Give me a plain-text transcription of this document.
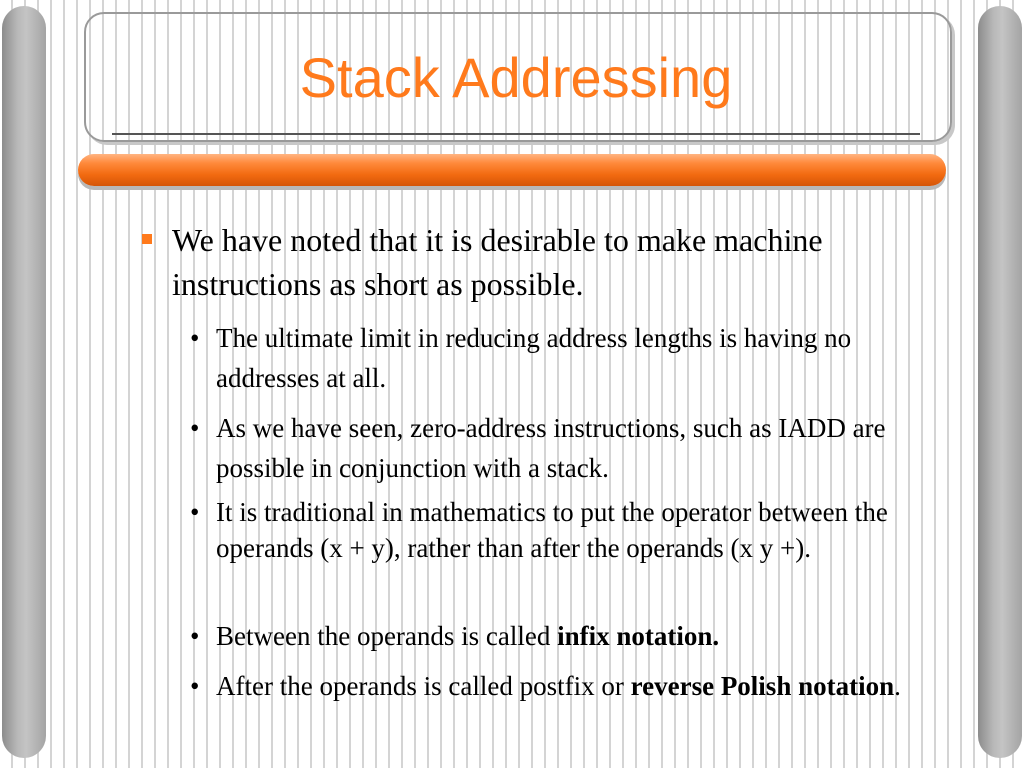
Stack Addressing
We have noted that it is desirable to make machine instructions as short as possible.
• The ultimate limit in reducing address lengths is having no addresses at all.
• As we have seen, zero-address instructions, such as IADD are possible in conjunction with a stack.
• It is traditional in mathematics to put the operator between the operands (x + y), rather than after the operands (x y +).
• Between the operands is called infix notation.
• After the operands is called postfix or reverse Polish notation.
